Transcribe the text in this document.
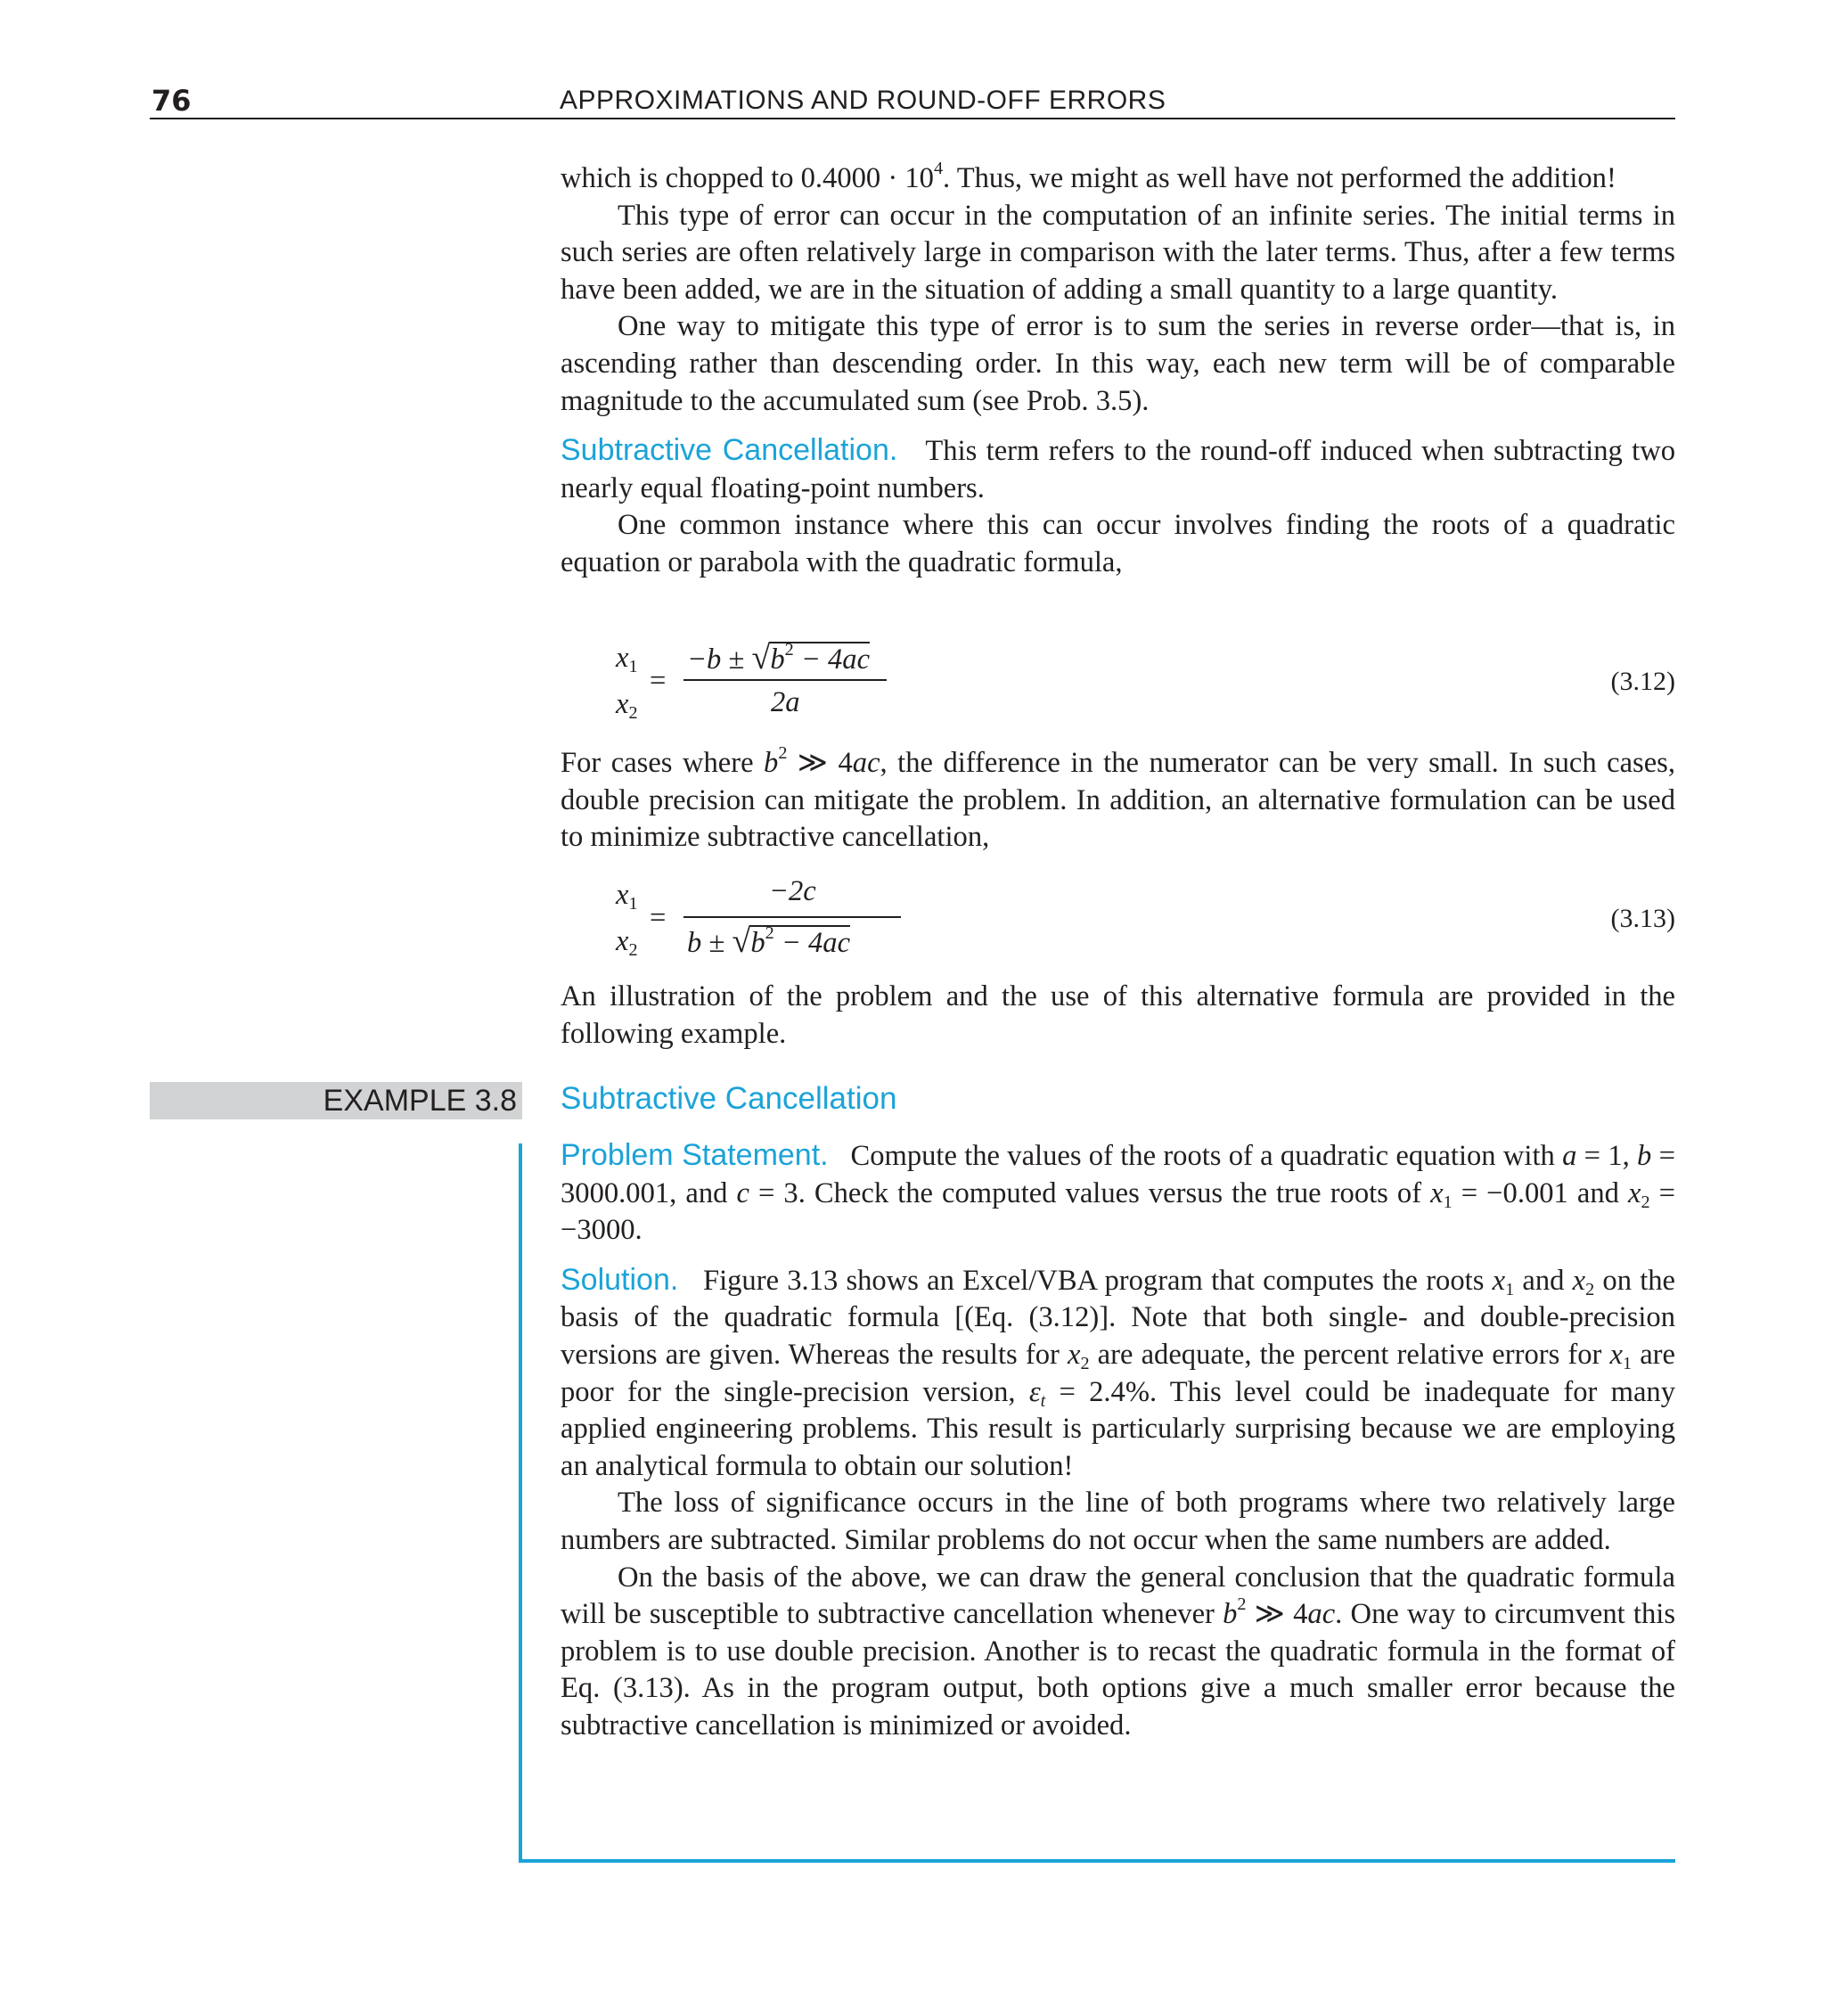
76	APPROXIMATIONS AND ROUND-OFF ERRORS

which is chopped to $0.4000 \cdot 10^4$. Thus, we might as well have not performed the addition!

This type of error can occur in the computation of an infinite series. The initial terms in such series are often relatively large in comparison with the later terms. Thus, after a few terms have been added, we are in the situation of adding a small quantity to a large quantity.

One way to mitigate this type of error is to sum the series in reverse order—that is, in ascending rather than descending order. In this way, each new term will be of comparable magnitude to the accumulated sum (see Prob. 3.5).

Subtractive Cancellation. This term refers to the round-off induced when subtracting two nearly equal floating-point numbers.

One common instance where this can occur involves finding the roots of a quadratic equation or parabola with the quadratic formula,

$x_1$
$x_2$
=
$-b \pm √b^2 - 4ac$
2a
(3.12)

For cases where $b^2$ ≫ 4ac, the difference in the numerator can be very small. In such cases, double precision can mitigate the problem. In addition, an alternative formulation can be used to minimize subtractive cancellation,

$x_1$
$x_2$
=
−2c
$b \pm √b^2 - 4ac$
(3.13)

An illustration of the problem and the use of this alternative formula are provided in the following example.

EXAMPLE 3.8 Subtractive Cancellation

Problem Statement. Compute the values of the roots of a quadratic equation with a = 1, b = 3000.001, and c = 3. Check the computed values versus the true roots of $x_1 = -0.001$ and $x_2 = -3000$.

Solution. Figure 3.13 shows an Excel/VBA program that computes the roots $x_1$ and $x_2$ on the basis of the quadratic formula [(Eq. (3.12)]. Note that both single- and double-precision versions are given. Whereas the results for $x_2$ are adequate, the percent relative errors for $x_1$ are poor for the single-precision version, $\varepsilon_t = 2.4\%$. This level could be inadequate for many applied engineering problems. This result is particularly surprising because we are employing an analytical formula to obtain our solution!

The loss of significance occurs in the line of both programs where two relatively large numbers are subtracted. Similar problems do not occur when the same numbers are added.

On the basis of the above, we can draw the general conclusion that the quadratic formula will be susceptible to subtractive cancellation whenever $b^2$ ≫ 4ac. One way to circumvent this problem is to use double precision. Another is to recast the quadratic formula in the format of Eq. (3.13). As in the program output, both options give a much smaller error because the subtractive cancellation is minimized or avoided.
